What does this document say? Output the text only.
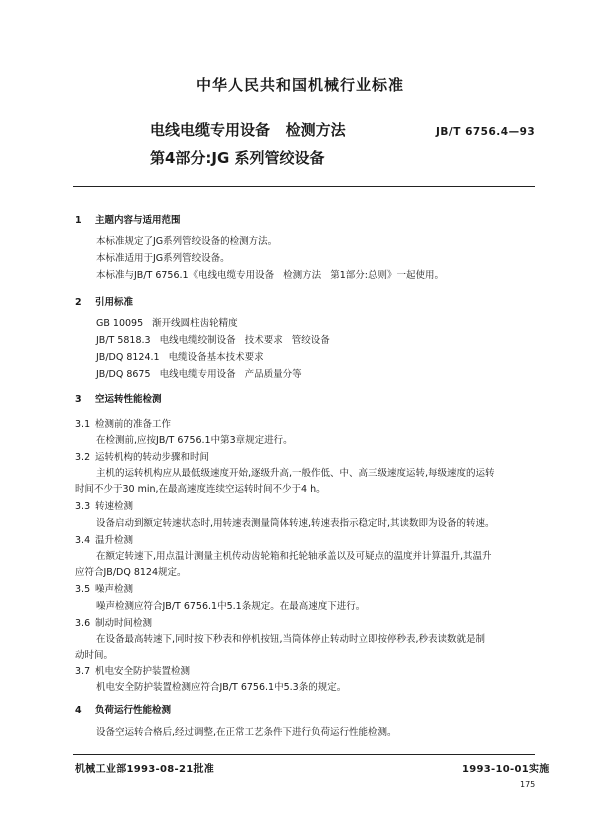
中华人民共和国机械行业标准
电线电缆专用设备   检测方法	JB/T 6756.4—93
第4部分:JG 系列管绞设备
1 主题内容与适用范围
本标准规定了JG系列管绞设备的检测方法。
本标准适用于JG系列管绞设备。
本标准与JB/T 6756.1《电线电缆专用设备   检测方法   第1部分:总则》一起使用。
2 引用标准
GB 10095   渐开线圆柱齿轮精度
JB/T 5818.3   电线电缆绞制设备   技术要求   管绞设备
JB/DQ 8124.1   电缆设备基本技术要求
JB/DQ 8675   电线电缆专用设备   产品质量分等
3 空运转性能检测
3.1 检测前的准备工作
在检测前,应按JB/T 6756.1中第3章规定进行。
3.2 运转机构的转动步骤和时间
主机的运转机构应从最低级速度开始,逐级升高,一般作低、中、高三级速度运转,每级速度的运转
时间不少于30 min,在最高速度连续空运转时间不少于4 h。
3.3 转速检测
设备启动到额定转速状态时,用转速表测量筒体转速,转速表指示稳定时,其读数即为设备的转速。
3.4 温升检测
在额定转速下,用点温计测量主机传动齿轮箱和托轮轴承盖以及可疑点的温度并计算温升,其温升
应符合JB/DQ 8124规定。
3.5 噪声检测
噪声检测应符合JB/T 6756.1中5.1条规定。在最高速度下进行。
3.6 制动时间检测
在设备最高转速下,同时按下秒表和停机按钮,当筒体停止转动时立即按停秒表,秒表读数就是制
动时间。
3.7 机电安全防护装置检测
机电安全防护装置检测应符合JB/T 6756.1中5.3条的规定。
4 负荷运行性能检测
设备空运转合格后,经过调整,在正常工艺条件下进行负荷运行性能检测。
机械工业部1993-08-21批准	1993-10-01实施
175
